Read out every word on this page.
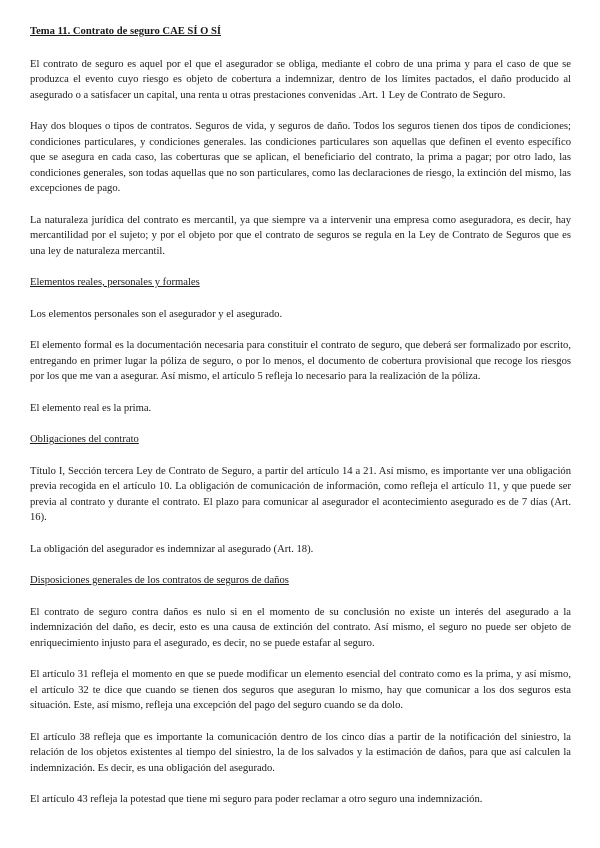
Tema 11. Contrato de seguro CAE SÍ O SÍ

El contrato de seguro es aquel por el que el asegurador se obliga, mediante el cobro de una prima y para el caso de que se produzca el evento cuyo riesgo es objeto de cobertura a indemnizar, dentro de los límites pactados, el daño producido al asegurado o a satisfacer un capital, una renta u otras prestaciones convenidas .Art. 1 Ley de Contrato de Seguro.

Hay dos bloques o tipos de contratos. Seguros de vida, y seguros de daño. Todos los seguros tienen dos tipos de condiciones; condiciones particulares, y condiciones generales. las condiciones particulares son aquellas que definen el evento específico que se asegura en cada caso, las coberturas que se aplican, el beneficiario del contrato, la prima a pagar; por otro lado, las condiciones generales, son todas aquellas que no son particulares, como las declaraciones de riesgo, la extinción del mismo, las excepciones de pago.

La naturaleza jurídica del contrato es mercantil, ya que siempre va a intervenir una empresa como aseguradora, es decir, hay mercantilidad por el sujeto; y por el objeto por que el contrato de seguros se regula en la Ley de Contrato de Seguros que es una ley de naturaleza mercantil.

Elementos reales, personales y formales

Los elementos personales son el asegurador y el asegurado.

El elemento formal es la documentación necesaria para constituir el contrato de seguro, que deberá ser formalizado por escrito, entregando en primer lugar la póliza de seguro, o por lo menos, el documento de cobertura provisional que recoge los riesgos por los que me van a asegurar. Así mismo, el artículo 5 refleja lo necesario para la realización de la póliza.

El elemento real es la prima.

Obligaciones del contrato

Título I, Sección tercera Ley de Contrato de Seguro, a partir del artículo 14 a 21. Así mismo, es importante ver una obligación previa recogida en el artículo 10. La obligación de comunicación de información, como refleja el artículo 11, y que puede ser previa al contrato y durante el contrato. El plazo para comunicar al asegurador el acontecimiento asegurado es de 7 días (Art. 16).

La obligación del asegurador es indemnizar al asegurado (Art. 18).

Disposiciones generales de los contratos de seguros de daños

El contrato de seguro contra daños es nulo si en el momento de su conclusión no existe un interés del asegurado a la indemnización del daño, es decir, esto es una causa de extinción del contrato. Así mismo, el seguro no puede ser objeto de enriquecimiento injusto para el asegurado, es decir, no se puede estafar al seguro.

El artículo 31 refleja el momento en que se puede modificar un elemento esencial del contrato como es la prima, y así mismo, el artículo 32 te dice que cuando se tienen dos seguros que aseguran lo mismo, hay que comunicar a los dos seguros esta situación. Este, así mismo, refleja una excepción del pago del seguro cuando se da dolo.

El artículo 38 refleja que es importante la comunicación dentro de los cinco días a partir de la notificación del siniestro, la relación de los objetos existentes al tiempo del siniestro, la de los salvados y la estimación de daños, para que así calculen la indemnización. Es decir, es una obligación del asegurado.

El artículo 43 refleja la potestad que tiene mi seguro para poder reclamar a otro seguro una indemnización.
